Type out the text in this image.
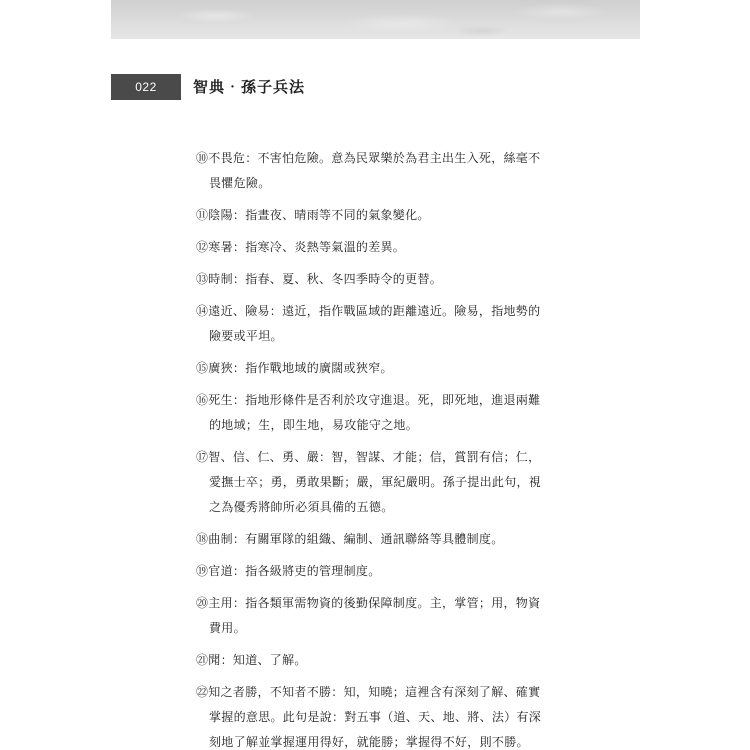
022 智典‧孫子兵法
⑩不畏危：不害怕危險。意為民眾樂於為君主出生入死，絲毫不
畏懼危險。
⑪陰陽：指晝夜、晴雨等不同的氣象變化。
⑫寒暑：指寒冷、炎熱等氣溫的差異。
⑬時制：指春、夏、秋、冬四季時令的更替。
⑭遠近、險易：遠近，指作戰區域的距離遠近。險易，指地勢的
險要或平坦。
⑮廣狹：指作戰地域的廣闊或狹窄。
⑯死生：指地形條件是否利於攻守進退。死，即死地，進退兩難
的地域；生，即生地，易攻能守之地。
⑰智、信、仁、勇、嚴：智，智謀、才能；信，賞罰有信；仁，
愛撫士卒；勇，勇敢果斷；嚴，軍紀嚴明。孫子提出此句，視
之為優秀將帥所必須具備的五德。
⑱曲制：有關軍隊的組織、編制、通訊聯絡等具體制度。
⑲官道：指各級將吏的管理制度。
⑳主用：指各類軍需物資的後勤保障制度。主，掌管；用，物資
費用。
㉑聞：知道、了解。
㉒知之者勝，不知者不勝：知，知曉；這裡含有深刻了解、確實
掌握的意思。此句是說：對五事（道、天、地、將、法）有深
刻地了解並掌握運用得好，就能勝；掌握得不好，則不勝。
